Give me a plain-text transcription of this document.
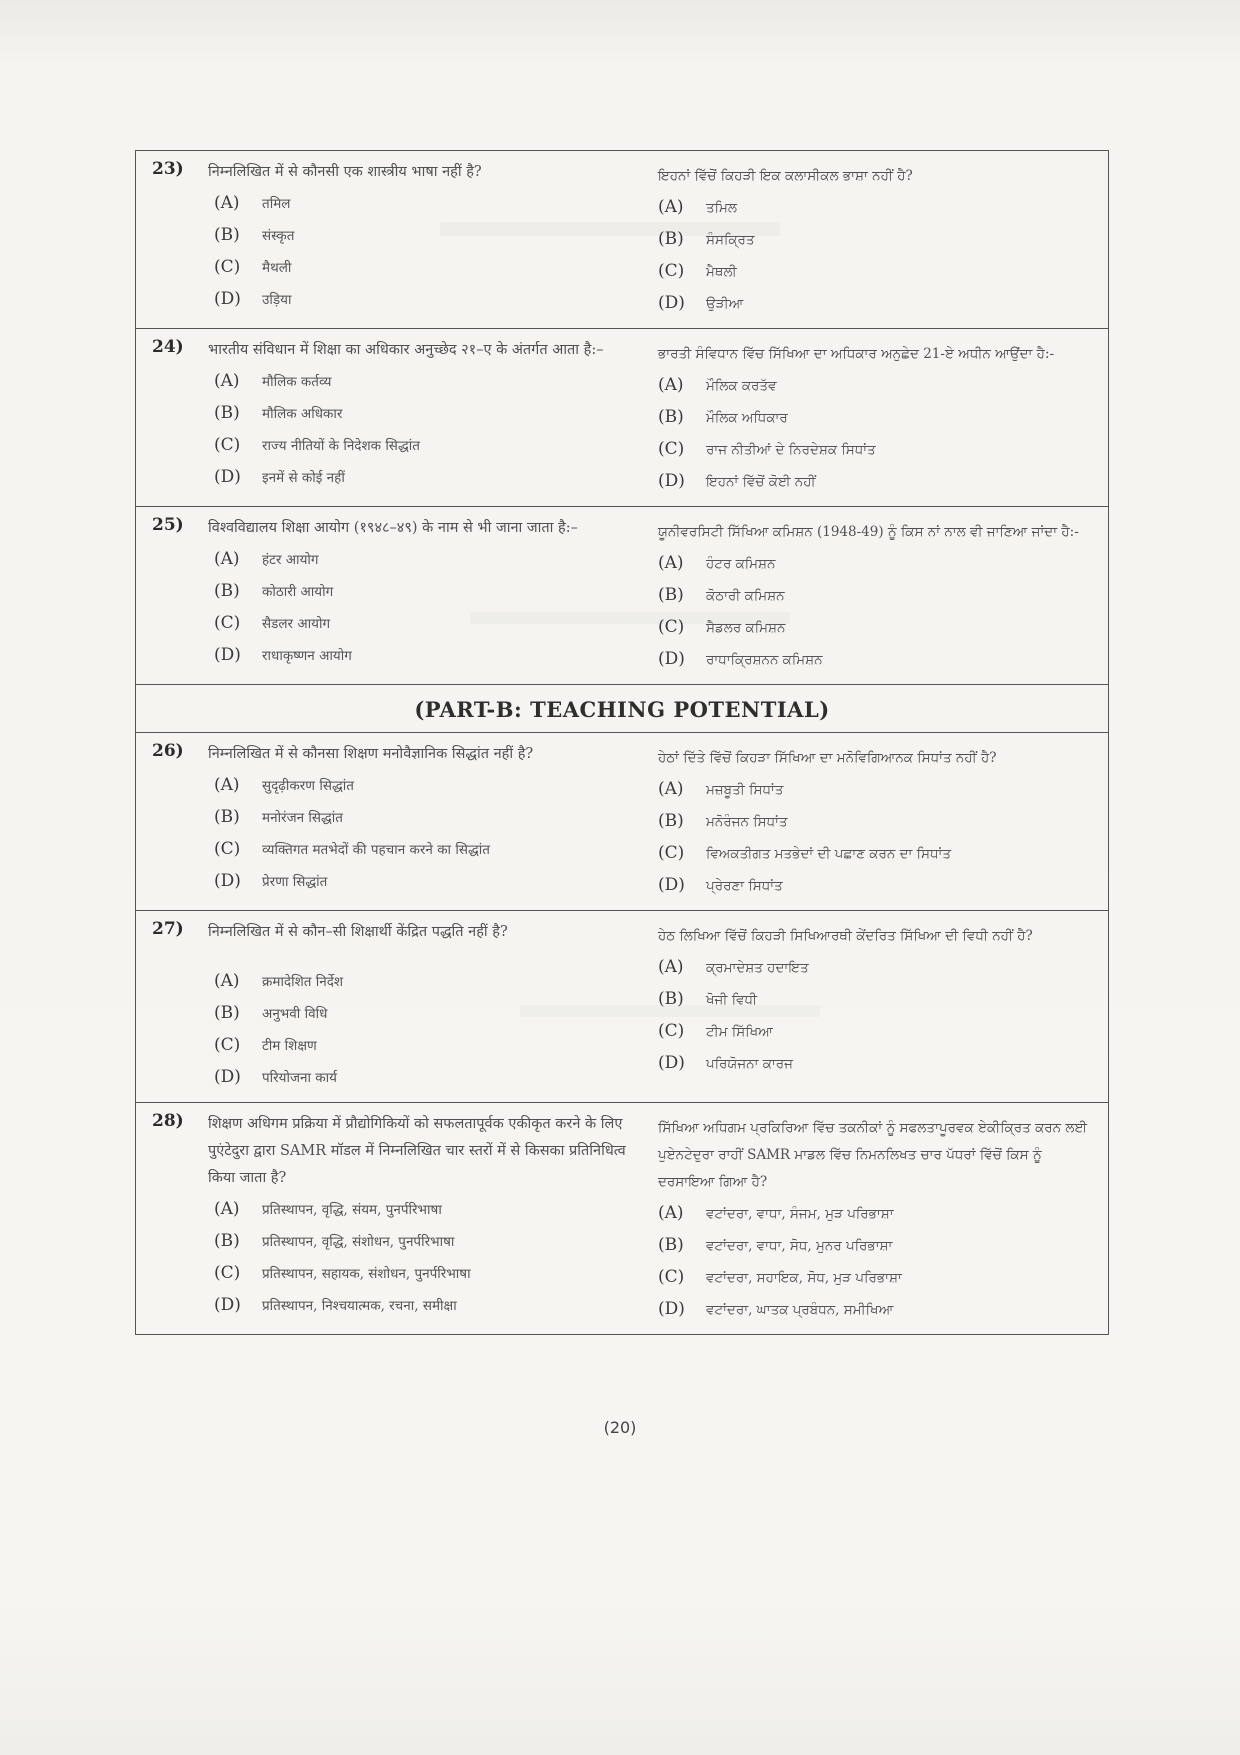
23)	निम्नलिखित में से कौनसी एक शास्त्रीय भाषा नहीं है?
(A)	तमिल
(B)	संस्कृत
(C)	मैथली
(D)	उड़िया
ਇਹਨਾਂ ਵਿੱਚੋਂ ਕਿਹੜੀ ਇਕ ਕਲਾਸੀਕਲ ਭਾਸ਼ਾ ਨਹੀਂ ਹੈ?
(A)	ਤਮਿਲ
(B)	ਸੰਸਕ੍ਰਿਤ
(C)	ਮੈਥਲੀ
(D)	ਉੜੀਆ
24)	भारतीय संविधान में शिक्षा का अधिकार अनुच्छेद २१–ए के अंतर्गत आता है:–
(A)	मौलिक कर्तव्य
(B)	मौलिक अधिकार
(C)	राज्य नीतियों के निदेशक सिद्धांत
(D)	इनमें से कोई नहीं
ਭਾਰਤੀ ਸੰਵਿਧਾਨ ਵਿੱਚ ਸਿੱਖਿਆ ਦਾ ਅਧਿਕਾਰ ਅਨੁਛੇਦ 21-ਏ ਅਧੀਨ ਆਉਂਦਾ ਹੈ:-
(A)	ਮੌਲਿਕ ਕਰਤੱਵ
(B)	ਮੌਲਿਕ ਅਧਿਕਾਰ
(C)	ਰਾਜ ਨੀਤੀਆਂ ਦੇ ਨਿਰਦੇਸ਼ਕ ਸਿਧਾਂਤ
(D)	ਇਹਨਾਂ ਵਿੱਚੋਂ ਕੋਈ ਨਹੀਂ
25)	विश्वविद्यालय शिक्षा आयोग (१९४८–४९) के नाम से भी जाना जाता है:–
(A)	हंटर आयोग
(B)	कोठारी आयोग
(C)	सैडलर आयोग
(D)	राधाकृष्णन आयोग
ਯੂਨੀਵਰਸਿਟੀ ਸਿੱਖਿਆ ਕਮਿਸ਼ਨ (1948-49) ਨੂੰ ਕਿਸ ਨਾਂ ਨਾਲ ਵੀ ਜਾਣਿਆ ਜਾਂਦਾ ਹੈ:-
(A)	ਹੰਟਰ ਕਮਿਸ਼ਨ
(B)	ਕੋਠਾਰੀ ਕਮਿਸ਼ਨ
(C)	ਸੈਡਲਰ ਕਮਿਸ਼ਨ
(D)	ਰਾਧਾਕ੍ਰਿਸ਼ਨਨ ਕਮਿਸ਼ਨ
(PART-B: TEACHING POTENTIAL)
26)	निम्नलिखित में से कौनसा शिक्षण मनोवैज्ञानिक सिद्धांत नहीं है?
(A)	सुदृढ़ीकरण सिद्धांत
(B)	मनोरंजन सिद्धांत
(C)	व्यक्तिगत मतभेदों की पहचान करने का सिद्धांत
(D)	प्रेरणा सिद्धांत
ਹੇਠਾਂ ਦਿੱਤੇ ਵਿੱਚੋਂ ਕਿਹੜਾ ਸਿੱਖਿਆ ਦਾ ਮਨੋਵਿਗਿਆਨਕ ਸਿਧਾਂਤ ਨਹੀਂ ਹੈ?
(A)	ਮਜ਼ਬੂਤੀ ਸਿਧਾਂਤ
(B)	ਮਨੋਰੰਜਨ ਸਿਧਾਂਤ
(C)	ਵਿਅਕਤੀਗਤ ਮਤਭੇਦਾਂ ਦੀ ਪਛਾਣ ਕਰਨ ਦਾ ਸਿਧਾਂਤ
(D)	ਪ੍ਰੇਰਣਾ ਸਿਧਾਂਤ
27)	निम्नलिखित में से कौन–सी शिक्षार्थी केंद्रित पद्धति नहीं है?
(A)	क्रमादेशित निर्देश
(B)	अनुभवी विधि
(C)	टीम शिक्षण
(D)	परियोजना कार्य
ਹੇਠ ਲਿਖਿਆ ਵਿੱਚੋਂ ਕਿਹੜੀ ਸਿਖਿਆਰਥੀ ਕੇਂਦਰਿਤ ਸਿੱਖਿਆ ਦੀ ਵਿਧੀ ਨਹੀਂ ਹੈ?
(A)	ਕ੍ਰਮਾਦੇਸ਼ਤ ਹਦਾਇਤ
(B)	ਖੋਜੀ ਵਿਧੀ
(C)	ਟੀਮ ਸਿੱਖਿਆ
(D)	ਪਰਿਯੋਜਨਾ ਕਾਰਜ
28)	शिक्षण अधिगम प्रक्रिया में प्रौद्योगिकियों को सफलतापूर्वक एकीकृत करने के लिए पुएंटेदुरा द्वारा SAMR मॉडल में निम्नलिखित चार स्तरों में से किसका प्रतिनिधित्व किया जाता है?
(A)	प्रतिस्थापन, वृद्धि, संयम, पुनर्परिभाषा
(B)	प्रतिस्थापन, वृद्धि, संशोधन, पुनर्परिभाषा
(C)	प्रतिस्थापन, सहायक, संशोधन, पुनर्परिभाषा
(D)	प्रतिस्थापन, निश्चयात्मक, रचना, समीक्षा
ਸਿੱਖਿਆ ਅਧਿਗਮ ਪ੍ਰਕਿਰਿਆ ਵਿੱਚ ਤਕਨੀਕਾਂ ਨੂੰ ਸਫਲਤਾਪੂਰਵਕ ਏਕੀਕ੍ਰਿਤ ਕਰਨ ਲਈ ਪੁਏਨਟੇਦੁਰਾ ਰਾਹੀਂ SAMR ਮਾਡਲ ਵਿੱਚ ਨਿਮਨਲਿਖਤ ਚਾਰ ਪੱਧਰਾਂ ਵਿੱਚੋਂ ਕਿਸ ਨੂੰ ਦਰਸਾਇਆ ਗਿਆ ਹੈ?
(A)	ਵਟਾਂਦਰਾ, ਵਾਧਾ, ਸੰਜਮ, ਮੁੜ ਪਰਿਭਾਸ਼ਾ
(B)	ਵਟਾਂਦਰਾ, ਵਾਧਾ, ਸੋਧ, ਮੁਨਰ ਪਰਿਭਾਸ਼ਾ
(C)	ਵਟਾਂਦਰਾ, ਸਹਾਇਕ, ਸੋਧ, ਮੁੜ ਪਰਿਭਾਸ਼ਾ
(D)	ਵਟਾਂਦਰਾ, ਘਾਤਕ ਪ੍ਰਬੰਧਨ, ਸਮੀਖਿਆ
(20)
